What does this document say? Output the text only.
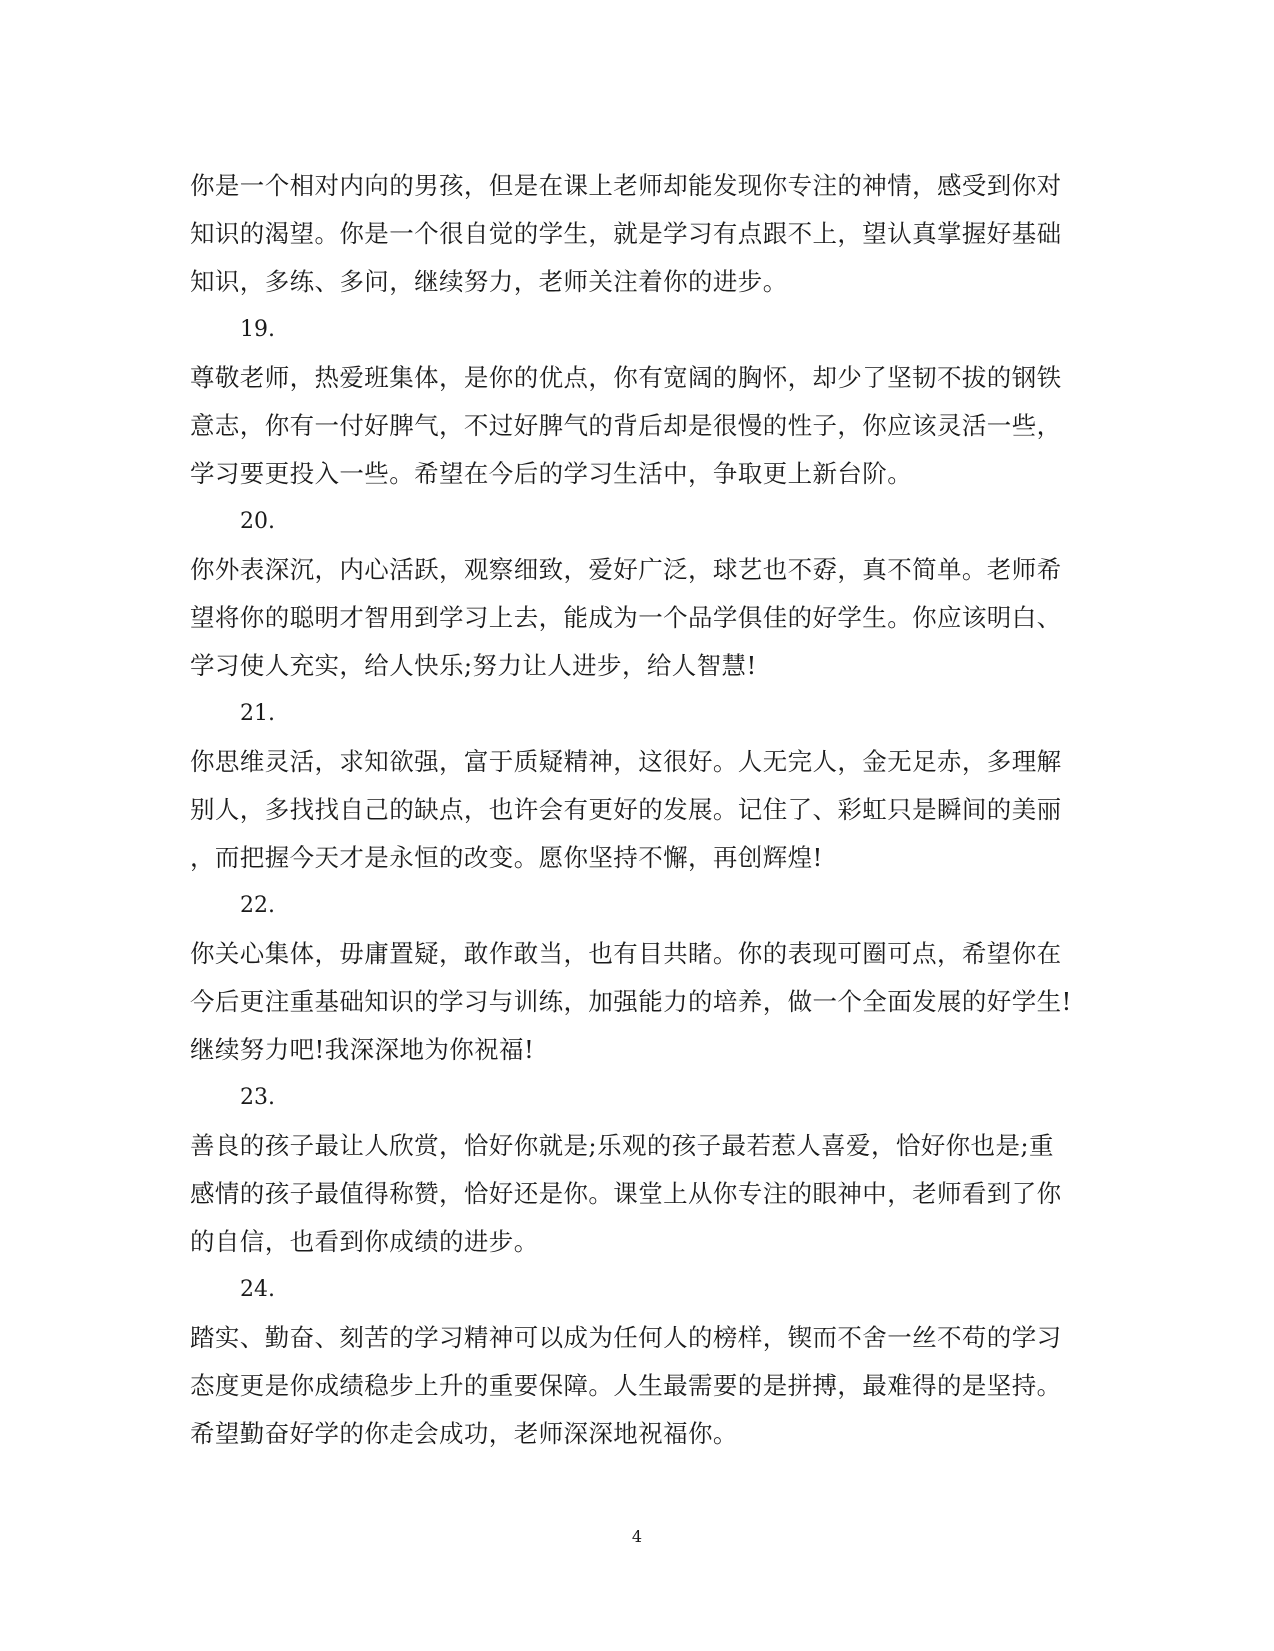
你是一个相对内向的男孩，但是在课上老师却能发现你专注的神情，感受到你对
知识的渴望。你是一个很自觉的学生，就是学习有点跟不上，望认真掌握好基础
知识，多练、多问，继续努力，老师关注着你的进步。
19.
尊敬老师，热爱班集体，是你的优点，你有宽阔的胸怀，却少了坚韧不拔的钢铁
意志，你有一付好脾气，不过好脾气的背后却是很慢的性子，你应该灵活一些，
学习要更投入一些。希望在今后的学习生活中，争取更上新台阶。
20.
你外表深沉，内心活跃，观察细致，爱好广泛，球艺也不孬，真不简单。老师希
望将你的聪明才智用到学习上去，能成为一个品学俱佳的好学生。你应该明白、
学习使人充实，给人快乐;努力让人进步，给人智慧!
21.
你思维灵活，求知欲强，富于质疑精神，这很好。人无完人，金无足赤，多理解
别人，多找找自己的缺点，也许会有更好的发展。记住了、彩虹只是瞬间的美丽
，而把握今天才是永恒的改变。愿你坚持不懈，再创辉煌!
22.
你关心集体，毋庸置疑，敢作敢当，也有目共睹。你的表现可圈可点，希望你在
今后更注重基础知识的学习与训练，加强能力的培养，做一个全面发展的好学生!
继续努力吧!我深深地为你祝福!
23.
善良的孩子最让人欣赏，恰好你就是;乐观的孩子最若惹人喜爱，恰好你也是;重
感情的孩子最值得称赞，恰好还是你。课堂上从你专注的眼神中，老师看到了你
的自信，也看到你成绩的进步。
24.
踏实、勤奋、刻苦的学习精神可以成为任何人的榜样，锲而不舍一丝不苟的学习
态度更是你成绩稳步上升的重要保障。人生最需要的是拼搏，最难得的是坚持。
希望勤奋好学的你走会成功，老师深深地祝福你。
4
